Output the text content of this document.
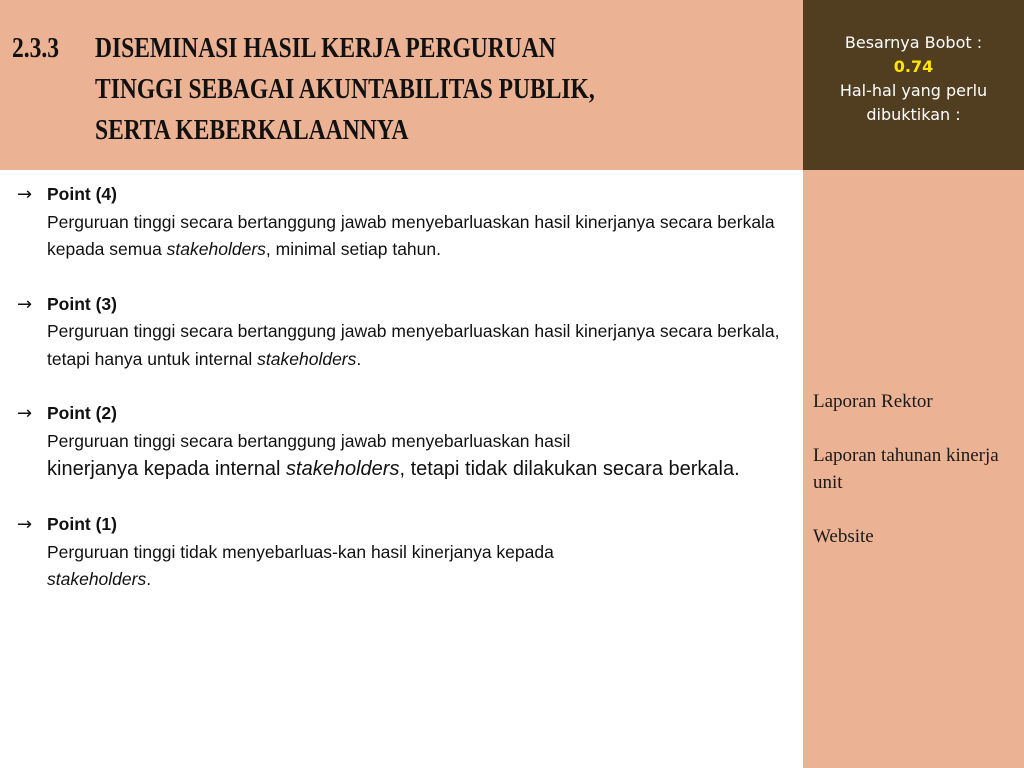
2.3.3 DISEMINASI HASIL KERJA PERGURUAN
TINGGI SEBAGAI AKUNTABILITAS PUBLIK,
SERTA KEBERKALAANNYA
Besarnya Bobot :
0.74
Hal-hal yang perlu
dibuktikan :
Laporan Rektor
Laporan tahunan kinerja unit
Website
→ Point (4)

Perguruan tinggi secara bertanggung jawab menyebarluaskan hasil kinerjanya secara berkala kepada semua stakeholders, minimal setiap tahun.

→ Point (3)

Perguruan tinggi secara bertanggung jawab menyebarluaskan hasil kinerjanya secara berkala, tetapi hanya untuk internal stakeholders.

→ Point (2)

Perguruan tinggi secara bertanggung jawab menyebarluaskan hasil
kinerjanya kepada internal stakeholders, tetapi tidak dilakukan secara berkala.

→ Point (1)

Perguruan tinggi tidak menyebarluas-kan hasil kinerjanya kepada
stakeholders.
